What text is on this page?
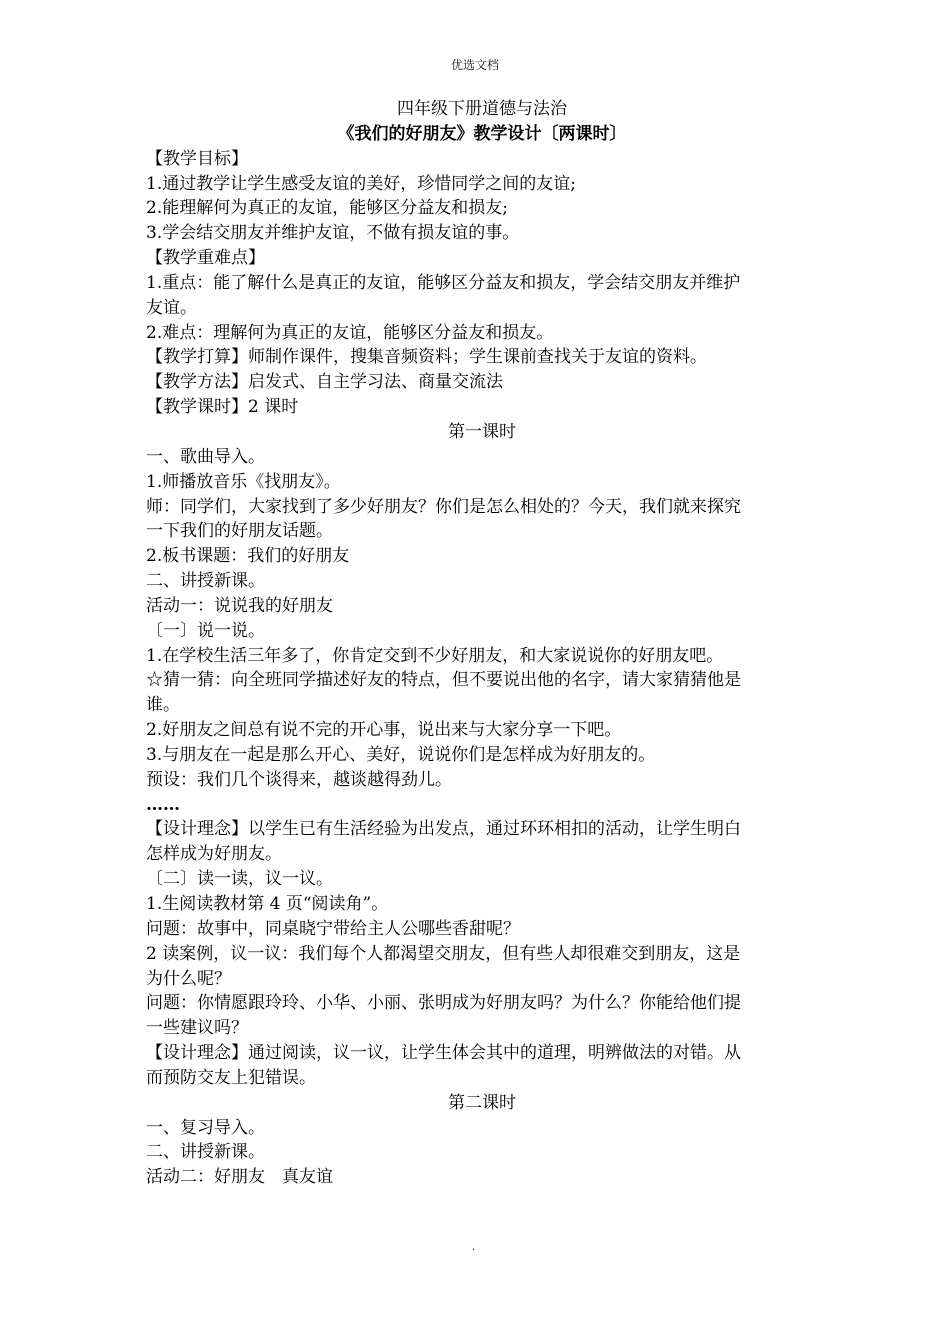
优选文档

四年级下册道德与法治

《我们的好朋友》教学设计〔两课时〕

【教学目标】

1.通过教学让学生感受友谊的美好，珍惜同学之间的友谊;

2.能理解何为真正的友谊，能够区分益友和损友;

3.学会结交朋友并维护友谊，不做有损友谊的事。

【教学重难点】

1.重点：能了解什么是真正的友谊，能够区分益友和损友，学会结交朋友并维护

友谊。

2.难点：理解何为真正的友谊，能够区分益友和损友。

【教学打算】师制作课件，搜集音频资料；学生课前查找关于友谊的资料。

【教学方法】启发式、自主学习法、商量交流法

【教学课时】2 课时

第一课时

一、歌曲导入。

1.师播放音乐《找朋友》。

师：同学们，大家找到了多少好朋友？你们是怎么相处的？今天，我们就来探究

一下我们的好朋友话题。

2.板书课题：我们的好朋友

二、讲授新课。

活动一：说说我的好朋友

〔一〕说一说。

1.在学校生活三年多了，你肯定交到不少好朋友，和大家说说你的好朋友吧。

☆猜一猜：向全班同学描述好友的特点，但不要说出他的名字，请大家猜猜他是

谁。

2.好朋友之间总有说不完的开心事，说出来与大家分享一下吧。

3.与朋友在一起是那么开心、美好，说说你们是怎样成为好朋友的。

预设：我们几个谈得来，越谈越得劲儿。

……

【设计理念】以学生已有生活经验为出发点，通过环环相扣的活动，让学生明白

怎样成为好朋友。

〔二〕读一读，议一议。

1.生阅读教材第 4 页“阅读角”。

问题：故事中，同桌晓宁带给主人公哪些香甜呢？

2 读案例，议一议：我们每个人都渴望交朋友，但有些人却很难交到朋友，这是

为什么呢？

问题：你情愿跟玲玲、小华、小丽、张明成为好朋友吗？为什么？你能给他们提

一些建议吗？

【设计理念】通过阅读，议一议，让学生体会其中的道理，明辨做法的对错。从

而预防交友上犯错误。

第二课时

一、复习导入。

二、讲授新课。

活动二：好朋友　真友谊

.
